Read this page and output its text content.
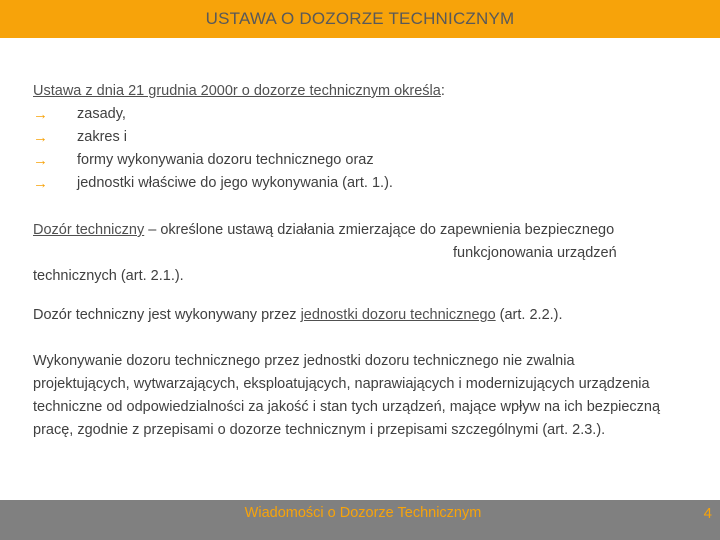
USTAWA O DOZORZE TECHNICZNYM
Ustawa z dnia 21 grudnia 2000r o dozorze technicznym określa:
→	zasady,
→	zakres i
→	formy wykonywania dozoru technicznego oraz
→	jednostki właściwe do jego wykonywania (art. 1.).
Dozór techniczny – określone ustawą działania zmierzające do zapewnienia bezpiecznego
funkcjonowania urządzeń
technicznych (art. 2.1.).
Dozór techniczny jest wykonywany przez jednostki dozoru technicznego (art. 2.2.).
Wykonywanie dozoru technicznego przez jednostki dozoru technicznego nie zwalnia projektujących, wytwarzających, eksploatujących, naprawiających i modernizujących urządzenia techniczne od odpowiedzialności za jakość i stan tych urządzeń, mające wpływ na ich bezpieczną pracę, zgodnie z przepisami o dozorze technicznym i przepisami szczególnymi (art. 2.3.).
Wiadomości o Dozorze Technicznym	4
